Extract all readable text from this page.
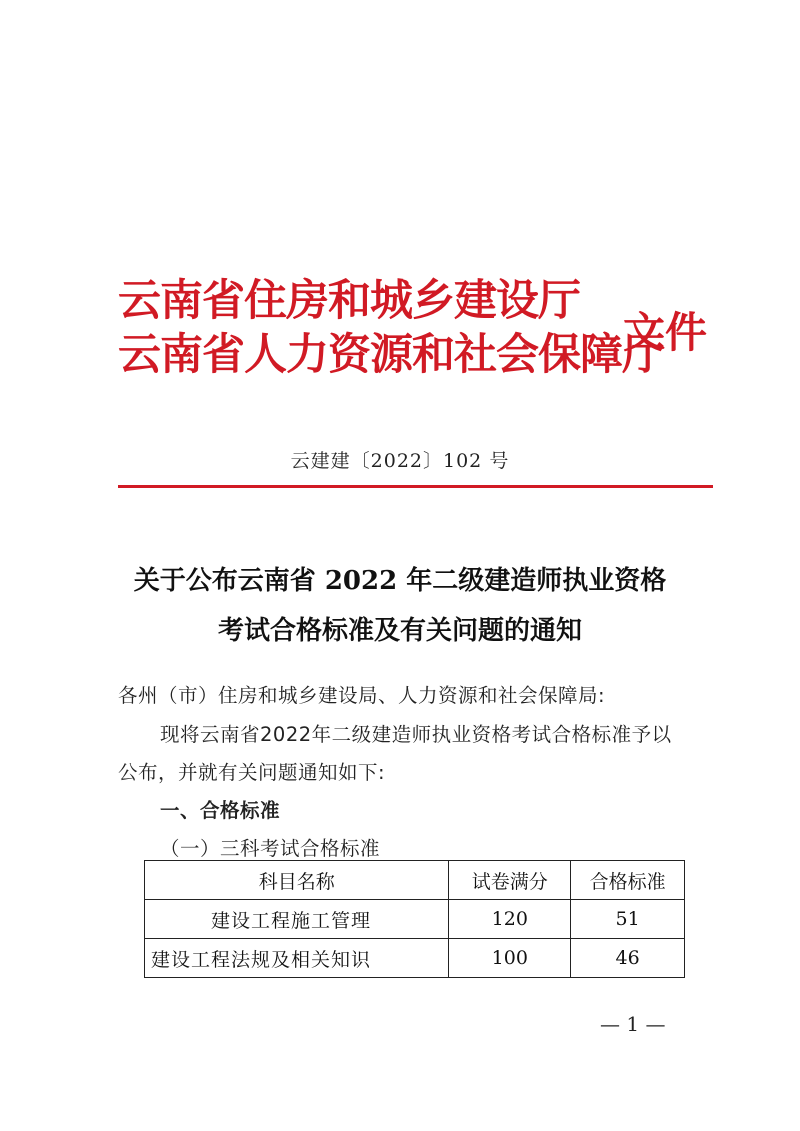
云南省住房和城乡建设厅
云南省人力资源和社会保障厅
文件
云建建〔2022〕102 号
关于公布云南省 2022 年二级建造师执业资格
考试合格标准及有关问题的通知
各州（市）住房和城乡建设局、人力资源和社会保障局:
现将云南省2022年二级建造师执业资格考试合格标准予以
公布，并就有关问题通知如下:
一、合格标准
（一）三科考试合格标准
科目名称	试卷满分	合格标准
建设工程施工管理	120	51
建设工程法规及相关知识	100	46
— 1 —
